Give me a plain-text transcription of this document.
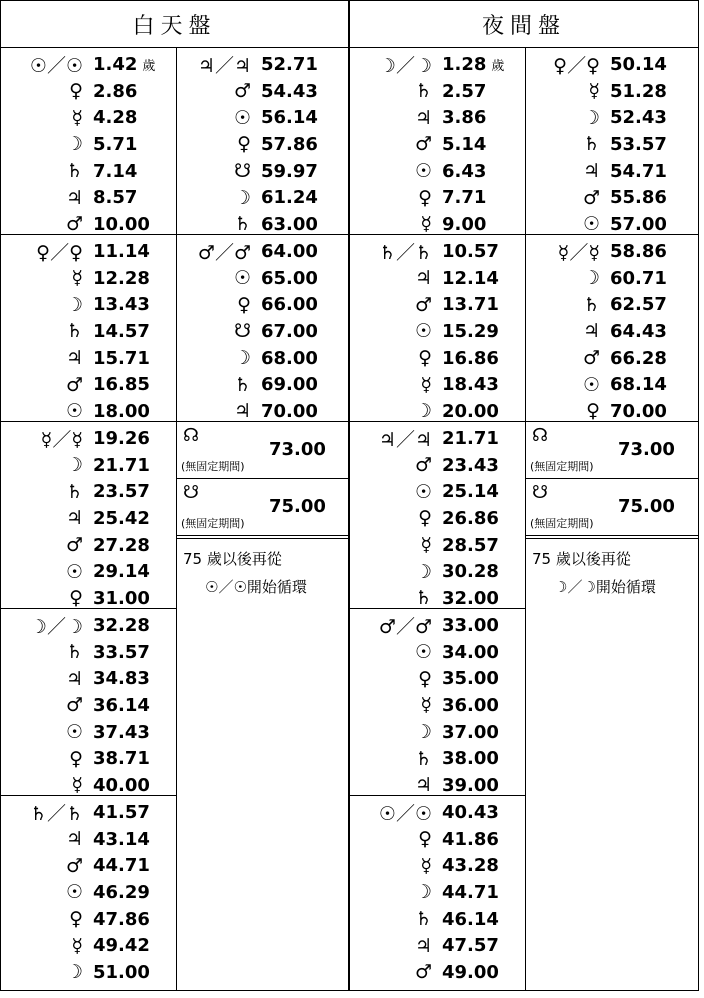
白天盤
☉／☉ 1.42 歲
♀ 2.86
☿ 4.28
☽ 5.71
♄ 7.14
♃ 8.57
♂ 10.00
♀／♀ 11.14
☿ 12.28
☽ 13.43
♄ 14.57
♃ 15.71
♂ 16.85
☉ 18.00
☿／☿ 19.26
☽ 21.71
♄ 23.57
♃ 25.42
♂ 27.28
☉ 29.14
♀ 31.00
☽／☽ 32.28
♄ 33.57
♃ 34.83
♂ 36.14
☉ 37.43
♀ 38.71
☿ 40.00
♄／♄ 41.57
♃ 43.14
♂ 44.71
☉ 46.29
♀ 47.86
☿ 49.42
☽ 51.00
♃／♃ 52.71
♂ 54.43
☉ 56.14
♀ 57.86
☋ 59.97
☽ 61.24
♄ 63.00
♂／♂ 64.00
☉ 65.00
♀ 66.00
☋ 67.00
☽ 68.00
♄ 69.00
♃ 70.00
☊
73.00
(無固定期間)
☋
75.00
(無固定期間)
75 歲以後再從
☉／☉開始循環
夜間盤
☽／☽ 1.28 歲
♄ 2.57
♃ 3.86
♂ 5.14
☉ 6.43
♀ 7.71
☿ 9.00
♄／♄ 10.57
♃ 12.14
♂ 13.71
☉ 15.29
♀ 16.86
☿ 18.43
☽ 20.00
♃／♃ 21.71
♂ 23.43
☉ 25.14
♀ 26.86
☿ 28.57
☽ 30.28
♄ 32.00
♂／♂ 33.00
☉ 34.00
♀ 35.00
☿ 36.00
☽ 37.00
♄ 38.00
♃ 39.00
☉／☉ 40.43
♀ 41.86
☿ 43.28
☽ 44.71
♄ 46.14
♃ 47.57
♂ 49.00
♀／♀ 50.14
☿ 51.28
☽ 52.43
♄ 53.57
♃ 54.71
♂ 55.86
☉ 57.00
☿／☿ 58.86
☽ 60.71
♄ 62.57
♃ 64.43
♂ 66.28
☉ 68.14
♀ 70.00
☊
73.00
(無固定期間)
☋
75.00
(無固定期間)
75 歲以後再從
☽／☽開始循環
